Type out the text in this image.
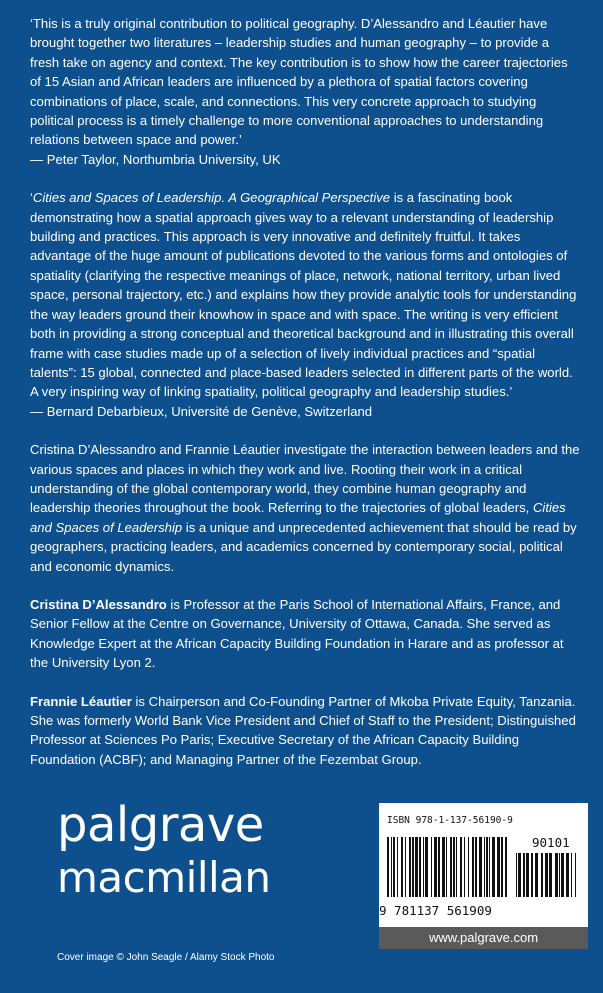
‘This is a truly original contribution to political geography. D’Alessandro and Léautier have brought together two literatures – leadership studies and human geography – to provide a fresh take on agency and context. The key contribution is to show how the career trajectories of 15 Asian and African leaders are influenced by a plethora of spatial factors covering combinations of place, scale, and connections. This very concrete approach to studying political process is a timely challenge to more conventional approaches to understanding relations between space and power.’
— Peter Taylor, Northumbria University, UK

‘Cities and Spaces of Leadership. A Geographical Perspective is a fascinating book demonstrating how a spatial approach gives way to a relevant understanding of leadership building and practices. This approach is very innovative and definitely fruitful. It takes advantage of the huge amount of publications devoted to the various forms and ontologies of spatiality (clarifying the respective meanings of place, network, national territory, urban lived space, personal trajectory, etc.) and explains how they provide analytic tools for understanding the way leaders ground their knowhow in space and with space. The writing is very efficient both in providing a strong conceptual and theoretical background and in illustrating this overall frame with case studies made up of a selection of lively individual practices and “spatial talents”: 15 global, connected and place-based leaders selected in different parts of the world. A very inspiring way of linking spatiality, political geography and leadership studies.’
— Bernard Debarbieux, Université de Genève, Switzerland

Cristina D’Alessandro and Frannie Léautier investigate the interaction between leaders and the various spaces and places in which they work and live. Rooting their work in a critical understanding of the global contemporary world, they combine human geography and leadership theories throughout the book. Referring to the trajectories of global leaders, Cities and Spaces of Leadership is a unique and unprecedented achievement that should be read by geographers, practicing leaders, and academics concerned by contemporary social, political and economic dynamics.

Cristina D’Alessandro is Professor at the Paris School of International Affairs, France, and Senior Fellow at the Centre on Governance, University of Ottawa, Canada. She served as Knowledge Expert at the African Capacity Building Foundation in Harare and as professor at the University Lyon 2.

Frannie Léautier is Chairperson and Co-Founding Partner of Mkoba Private Equity, Tanzania. She was formerly World Bank Vice President and Chief of Staff to the President; Distinguished Professor at Sciences Po Paris; Executive Secretary of the African Capacity Building Foundation (ACBF); and Managing Partner of the Fezembat Group.

palgrave
macmillan
Cover image © John Seagle / Alamy Stock Photo
ISBN 978-1-137-56190-9
90101
9 781137 561909
www.palgrave.com
